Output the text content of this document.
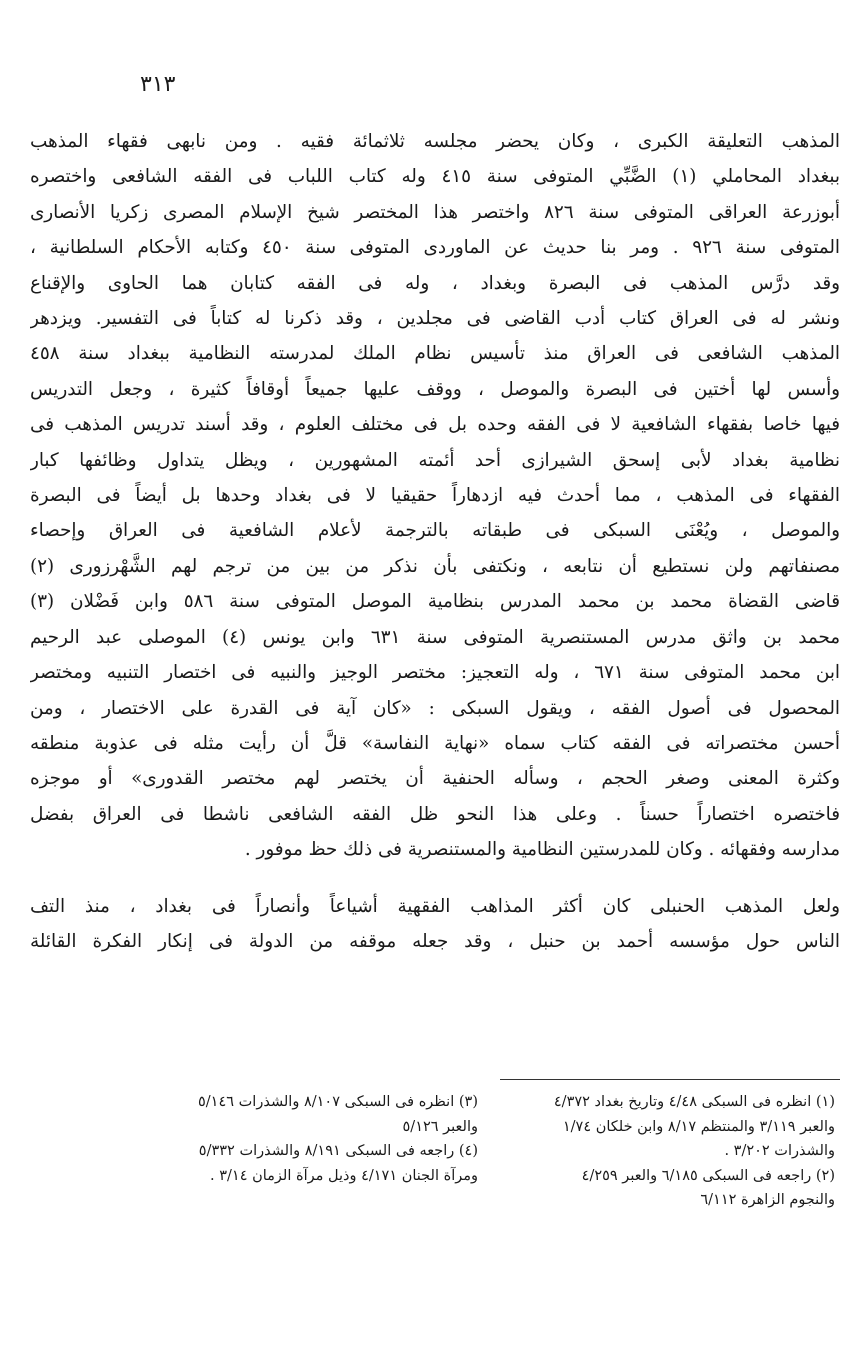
٣١٣
المذهب التعليقة الكبرى ، وكان يحضر مجلسه ثلاثمائة فقيه . ومن نابهى فقهاء المذهب
ببغداد المحاملي (١) الضَّبِّي المتوفى سنة ٤١٥ وله كتاب اللباب فى الفقه الشافعى واختصره
أبوزرعة العراقى المتوفى سنة ٨٢٦ واختصر هذا المختصر شيخ الإسلام المصرى زكريا الأنصارى
المتوفى سنة ٩٢٦ . ومر بنا حديث عن الماوردى المتوفى سنة ٤٥٠ وكتابه الأحكام السلطانية ،
وقد درَّس المذهب فى البصرة وبغداد ، وله فى الفقه كتابان هما الحاوى والإقناع
ونشر له فى العراق كتاب أدب القاضى فى مجلدين ، وقد ذكرنا له كتاباً فى التفسير. ويزدهر
المذهب الشافعى فى العراق منذ تأسيس نظام الملك لمدرسته النظامية ببغداد سنة ٤٥٨
وأسس لها أختين فى البصرة والموصل ، ووقف عليها جميعاً أوقافاً كثيرة ، وجعل التدريس
فيها خاصا بفقهاء الشافعية لا فى الفقه وحده بل فى مختلف العلوم ، وقد أسند تدريس المذهب فى
نظامية بغداد لأبى إسحق الشيرازى أحد أئمته المشهورين ، ويظل يتداول وظائفها كبار
الفقهاء فى المذهب ، مما أحدث فيه ازدهاراً حقيقيا لا فى بغداد وحدها بل أيضاً فى البصرة
والموصل ، ويُعْنَى السبكى فى طبقاته بالترجمة لأعلام الشافعية فى العراق وإحصاء
مصنفاتهم ولن نستطيع أن نتابعه ، ونكتفى بأن نذكر من بين من ترجم لهم الشَّهْرزورى (٢)
قاضى القضاة محمد بن محمد المدرس بنظامية الموصل المتوفى سنة ٥٨٦ وابن فَضْلان (٣)
محمد بن واثق مدرس المستنصرية المتوفى سنة ٦٣١ وابن يونس (٤) الموصلى عبد الرحيم
ابن محمد المتوفى سنة ٦٧١ ، وله التعجيز: مختصر الوجيز والنبيه فى اختصار التنبيه ومختصر
المحصول فى أصول الفقه ، ويقول السبكى : «كان آية فى القدرة على الاختصار ، ومن
أحسن مختصراته فى الفقه كتاب سماه «نهاية النفاسة» قلَّ أن رأيت مثله فى عذوبة منطقه
وكثرة المعنى وصغر الحجم ، وسأله الحنفية أن يختصر لهم مختصر القدورى» أو موجزه
فاختصره اختصاراً حسناً . وعلى هذا النحو ظل الفقه الشافعى ناشطا فى العراق بفضل
مدارسه وفقهائه . وكان للمدرستين النظامية والمستنصرية فى ذلك حظ موفور .
ولعل المذهب الحنبلى كان أكثر المذاهب الفقهية أشياعاً وأنصاراً فى بغداد ، منذ التف
الناس حول مؤسسه أحمد بن حنبل ، وقد جعله موقفه من الدولة فى إنكار الفكرة القائلة
(١) انظره فى السبكى ٤/٤٨ وتاريخ بغداد ٤/٣٧٢
والعبر ٣/١١٩ والمنتظم ٨/١٧ وابن خلكان ١/٧٤
والشذرات ٣/٢٠٢ .
(٢) راجعه فى السبكى ٦/١٨٥ والعبر ٤/٢٥٩
والنجوم الزاهرة ٦/١١٢
(٣) انظره فى السبكى ٨/١٠٧ والشذرات ٥/١٤٦
والعبر ٥/١٢٦
(٤) راجعه فى السبكى ٨/١٩١ والشذرات ٥/٣٣٢
ومرآة الجنان ٤/١٧١ وذيل مرآة الزمان ٣/١٤ .
